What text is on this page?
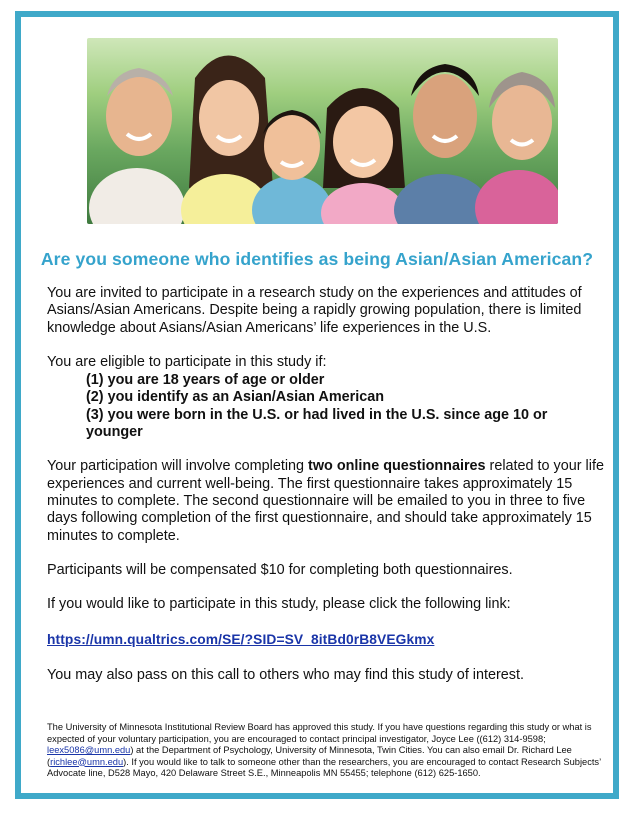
Are you someone who identifies as being Asian/Asian American?

You are invited to participate in a research study on the experiences and attitudes of Asians/Asian Americans. Despite being a rapidly growing population, there is limited knowledge about Asians/Asian Americans’ life experiences in the U.S.

You are eligible to participate in this study if:

(1) you are 18 years of age or older
(2) you identify as an Asian/Asian American
(3) you were born in the U.S. or had lived in the U.S. since age 10 or younger

Your participation will involve completing two online questionnaires related to your life experiences and current well-being. The first questionnaire takes approximately 15 minutes to complete. The second questionnaire will be emailed to you in three to five days following completion of the first questionnaire, and should take approximately 15 minutes to complete.

Participants will be compensated $10 for completing both questionnaires.

If you would like to participate in this study, please click the following link:

https://umn.qualtrics.com/SE/?SID=SV_8itBd0rB8VEGkmx

You may also pass on this call to others who may find this study of interest.

The University of Minnesota Institutional Review Board has approved this study. If you have questions regarding this study or what is expected of your voluntary participation, you are encouraged to contact principal investigator, Joyce Lee ((612) 314-9598; leex5086@umn.edu) at the Department of Psychology, University of Minnesota, Twin Cities. You can also email Dr. Richard Lee (richlee@umn.edu). If you would like to talk to someone other than the researchers, you are encouraged to contact Research Subjects’ Advocate line, D528 Mayo, 420 Delaware Street S.E., Minneapolis MN 55455; telephone (612) 625-1650.
